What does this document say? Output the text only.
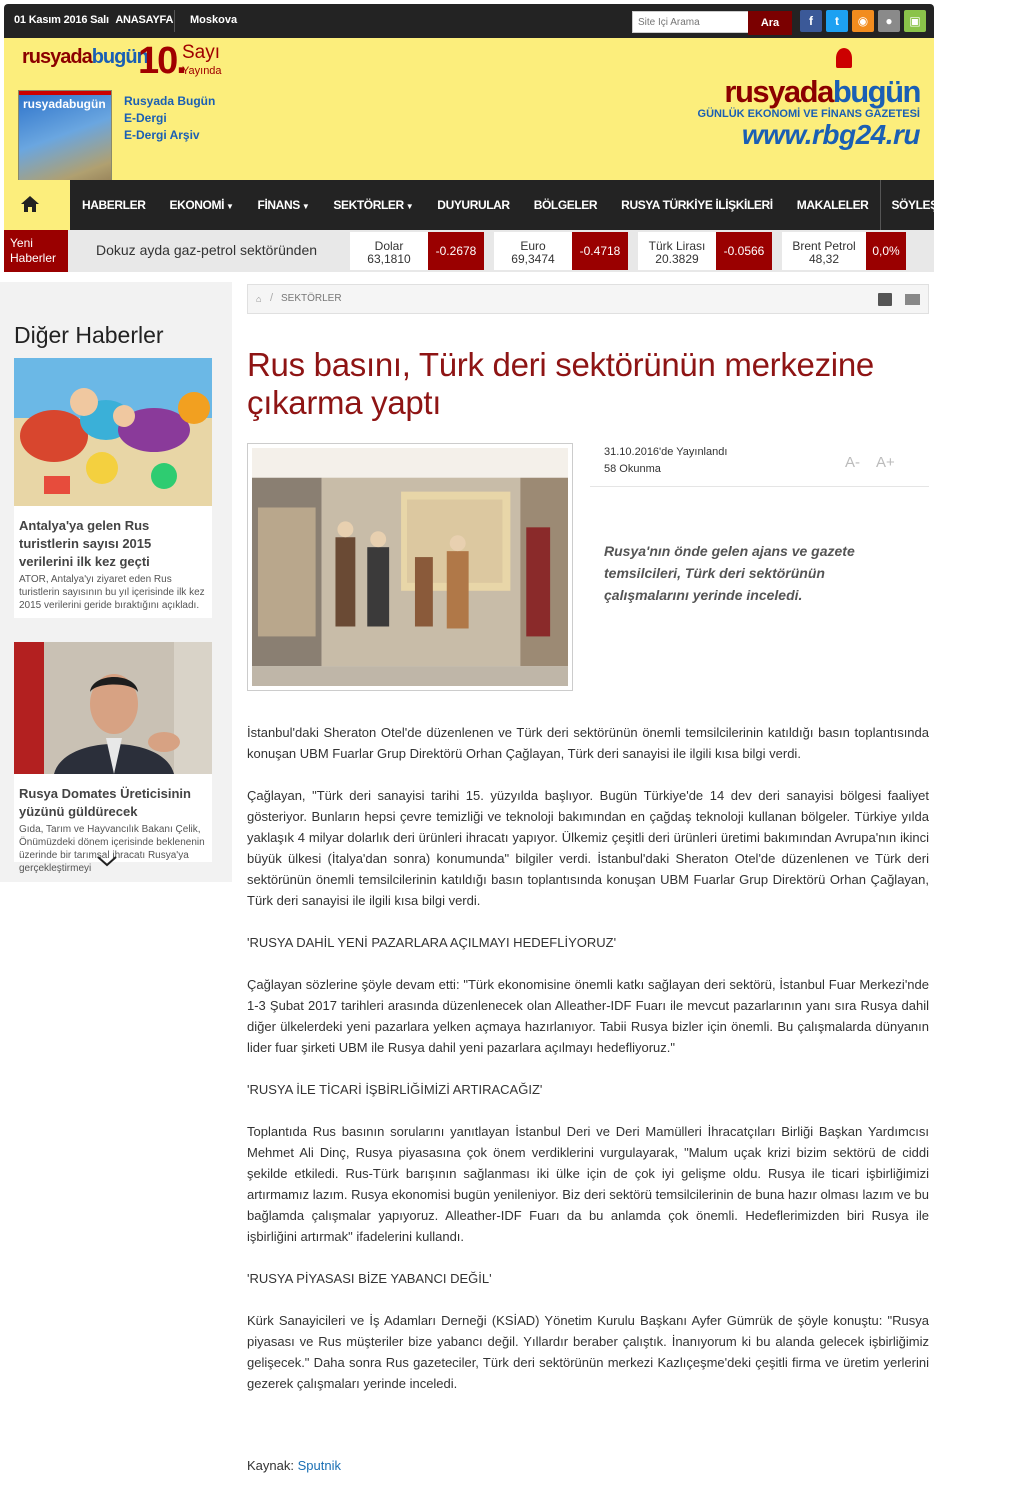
01 Kasım 2016 Salı ANASAYFA	Moskova
Site İçi Arama	Ara	f	t	◉	●	▣
rusyadabugün
10.
Sayı
Yayında
rusyadabugün Rusyada Bugün
E-Dergi
E-Dergi Arşiv
rusyadabugün
GÜNLÜK EKONOMİ VE FİNANS GAZETESİ
www.rbg24.ru
HABERLER	EKONOMİ ▼	FİNANS ▼	SEKTÖRLER ▼	DUYURULAR	BÖLGELER	RUSYA TÜRKİYE İLİŞKİLERİ	MAKALELER	SÖYLEŞİ / GÖRÜŞLER
Yeni
Haberler	Dokuz ayda gaz-petrol sektöründen	Dolar
63,1810
-0.2678	Euro
69,3474
-0.4718	Türk Lirası
20.3829
-0.0566	Brent Petrol
48,32
0,0%
Diğer Haberler
Antalya'ya gelen Rus turistlerin sayısı 2015 verilerini ilk kez geçti
ATOR, Antalya'yı ziyaret eden Rus turistlerin sayısının bu yıl içerisinde ilk kez 2015 verilerini geride bıraktığını açıkladı.
Rusya Domates Üreticisinin yüzünü güldürecek
Gıda, Tarım ve Hayvancılık Bakanı Çelik, Önümüzdeki dönem içerisinde beklenenin üzerinde bir tarımsal ihracatı Rusya'ya gerçekleştirmeyi
⌂ / SEKTÖRLER
Rus basını, Türk deri sektörünün merkezine çıkarma yaptı
31.10.2016'de Yayınlandı
58 Okunma	A- A+
Rusya'nın önde gelen ajans ve gazete temsilcileri, Türk deri sektörünün çalışmalarını yerinde inceledi.

İstanbul'daki Sheraton Otel'de düzenlenen ve Türk deri sektörünün önemli temsilcilerinin katıldığı basın toplantısında konuşan UBM Fuarlar Grup Direktörü Orhan Çağlayan, Türk deri sanayisi ile ilgili kısa bilgi verdi.

Çağlayan, "Türk deri sanayisi tarihi 15. yüzyılda başlıyor. Bugün Türkiye'de 14 dev deri sanayisi bölgesi faaliyet gösteriyor. Bunların hepsi çevre temizliği ve teknoloji bakımından en çağdaş teknoloji kullanan bölgeler. Türkiye yılda yaklaşık 4 milyar dolarlık deri ürünleri ihracatı yapıyor. Ülkemiz çeşitli deri ürünleri üretimi bakımından Avrupa'nın ikinci büyük ülkesi (İtalya'dan sonra) konumunda" bilgiler verdi. İstanbul'daki Sheraton Otel'de düzenlenen ve Türk deri sektörünün önemli temsilcilerinin katıldığı basın toplantısında konuşan UBM Fuarlar Grup Direktörü Orhan Çağlayan, Türk deri sanayisi ile ilgili kısa bilgi verdi.

'RUSYA DAHİL YENİ PAZARLARA AÇILMAYI HEDEFLİYORUZ'

Çağlayan sözlerine şöyle devam etti: "Türk ekonomisine önemli katkı sağlayan deri sektörü, İstanbul Fuar Merkezi'nde 1-3 Şubat 2017 tarihleri arasında düzenlenecek olan Alleather-IDF Fuarı ile mevcut pazarlarının yanı sıra Rusya dahil diğer ülkelerdeki yeni pazarlara yelken açmaya hazırlanıyor. Tabii Rusya bizler için önemli. Bu çalışmalarda dünyanın lider fuar şirketi UBM ile Rusya dahil yeni pazarlara açılmayı hedefliyoruz."

'RUSYA İLE TİCARİ İŞBİRLİĞİMİZİ ARTIRACAĞIZ'

Toplantıda Rus basının sorularını yanıtlayan İstanbul Deri ve Deri Mamülleri İhracatçıları Birliği Başkan Yardımcısı Mehmet Ali Dinç, Rusya piyasasına çok önem verdiklerini vurgulayarak, "Malum uçak krizi bizim sektörü de ciddi şekilde etkiledi. Rus-Türk barışının sağlanması iki ülke için de çok iyi gelişme oldu. Rusya ile ticari işbirliğimizi artırmamız lazım. Rusya ekonomisi bugün yenileniyor. Biz deri sektörü temsilcilerinin de buna hazır olması lazım ve bu bağlamda çalışmalar yapıyoruz. Alleather-IDF Fuarı da bu anlamda çok önemli. Hedeflerimizden biri Rusya ile işbirliğini artırmak" ifadelerini kullandı.

'RUSYA PİYASASI BİZE YABANCI DEĞİL'

Kürk Sanayicileri ve İş Adamları Derneği (KSİAD) Yönetim Kurulu Başkanı Ayfer Gümrük de şöyle konuştu: "Rusya piyasası ve Rus müşteriler bize yabancı değil. Yıllardır beraber çalıştık. İnanıyorum ki bu alanda gelecek işbirliğimiz gelişecek." Daha sonra Rus gazeteciler, Türk deri sektörünün merkezi Kazlıçeşme'deki çeşitli firma ve üretim yerlerini gezerek çalışmaları yerinde inceledi.

Kaynak: Sputnik
